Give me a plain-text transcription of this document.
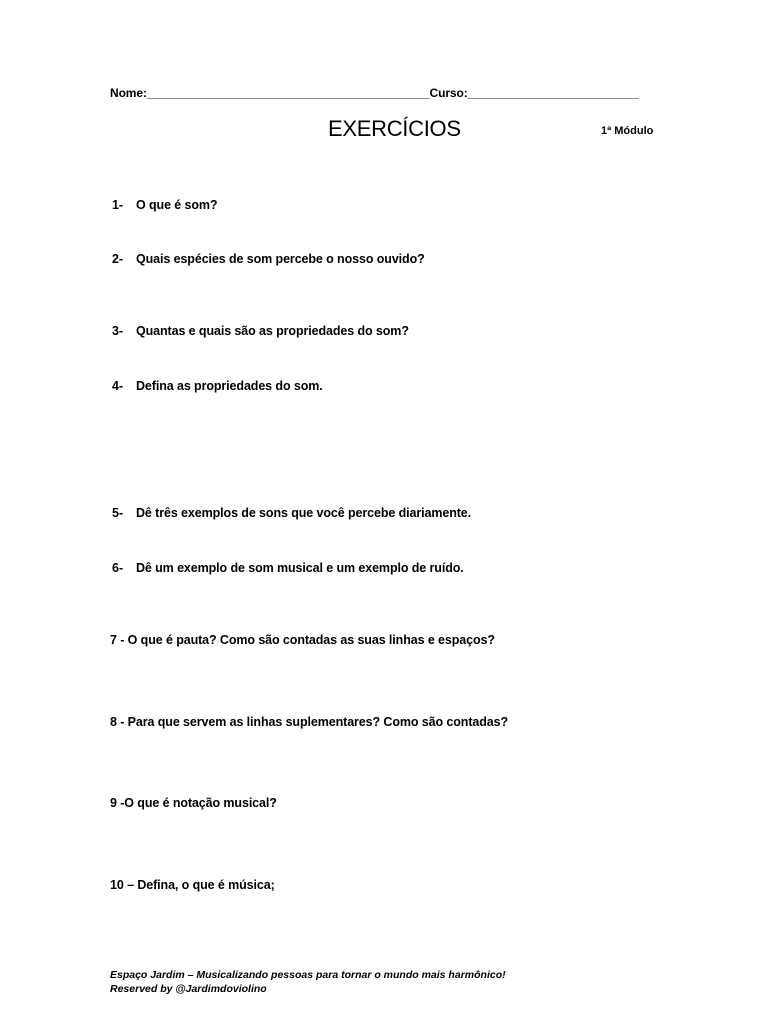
Nome:___________________________________________Curso:__________________________
EXERCÍCIOS	1ª Módulo
1- O que é som?
2- Quais espécies de som percebe o nosso ouvido?
3- Quantas e quais são as propriedades do som?
4- Defina as propriedades do som.
5- Dê três exemplos de sons que você percebe diariamente.
6- Dê um exemplo de som musical e um exemplo de ruído.
7 - O que é pauta? Como são contadas as suas linhas e espaços?
8 - Para que servem as linhas suplementares? Como são contadas?
9 -O que é notação musical?
10 – Defina, o que é música;
Espaço Jardim – Musicalizando pessoas para tornar o mundo mais harmônico!
Reserved by @Jardimdoviolino
